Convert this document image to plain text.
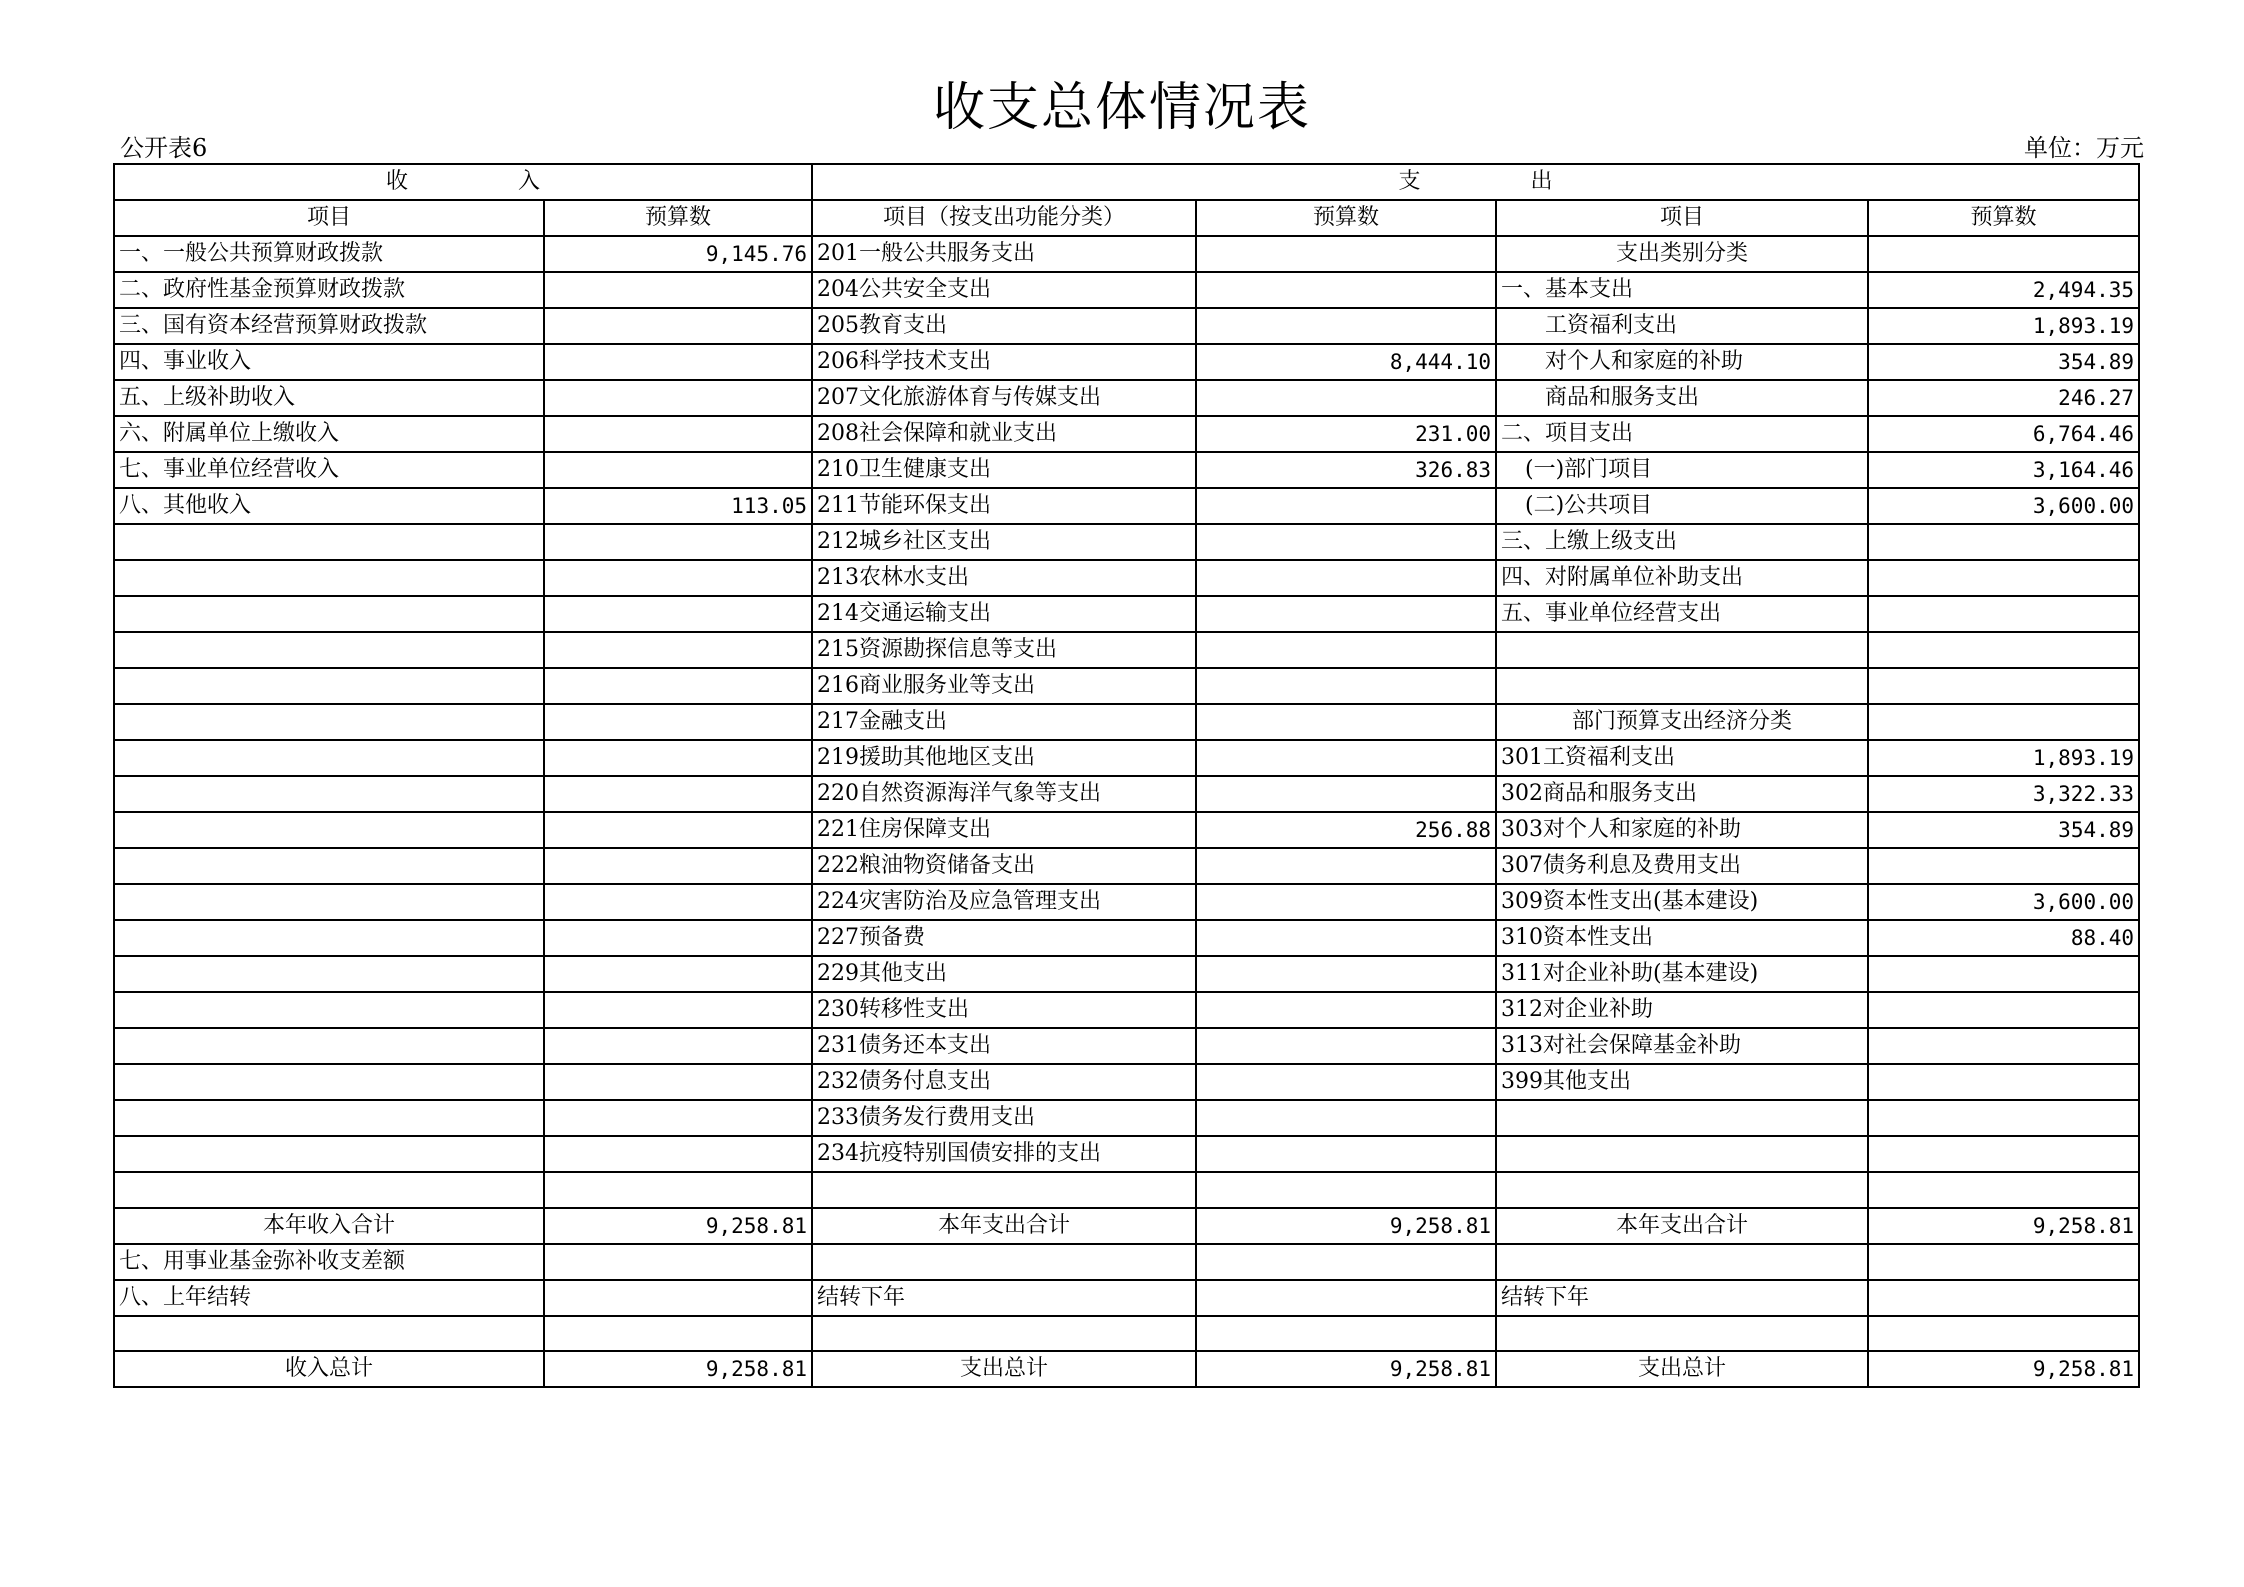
收支总体情况表
公开表6	单位：万元
收　　　　　入		支　　　　　出			
项目	预算数	项目（按支出功能分类）	预算数	项目	预算数
一、一般公共预算财政拨款	9,145.76	201一般公共服务支出		支出类别分类	
二、政府性基金预算财政拨款		204公共安全支出		一、基本支出	2,494.35
三、国有资本经营预算财政拨款		205教育支出		工资福利支出	1,893.19
四、事业收入		206科学技术支出	8,444.10	对个人和家庭的补助	354.89
五、上级补助收入		207文化旅游体育与传媒支出		商品和服务支出	246.27
六、附属单位上缴收入		208社会保障和就业支出	231.00	二、项目支出	6,764.46
七、事业单位经营收入		210卫生健康支出	326.83	(一)部门项目	3,164.46
八、其他收入	113.05	211节能环保支出		(二)公共项目	3,600.00
		212城乡社区支出		三、上缴上级支出	
		213农林水支出		四、对附属单位补助支出	
		214交通运输支出		五、事业单位经营支出	
		215资源勘探信息等支出			
		216商业服务业等支出			
		217金融支出		部门预算支出经济分类	
		219援助其他地区支出		301工资福利支出	1,893.19
		220自然资源海洋气象等支出		302商品和服务支出	3,322.33
		221住房保障支出	256.88	303对个人和家庭的补助	354.89
		222粮油物资储备支出		307债务利息及费用支出	
		224灾害防治及应急管理支出		309资本性支出(基本建设)	3,600.00
		227预备费		310资本性支出	88.40
		229其他支出		311对企业补助(基本建设)	
		230转移性支出		312对企业补助	
		231债务还本支出		313对社会保障基金补助	
		232债务付息支出		399其他支出	
		233债务发行费用支出			
		234抗疫特别国债安排的支出			

本年收入合计	9,258.81	本年支出合计	9,258.81	本年支出合计	9,258.81
七、用事业基金弥补收支差额					
八、上年结转		结转下年		结转下年	

收入总计	9,258.81	支出总计	9,258.81	支出总计	9,258.81
